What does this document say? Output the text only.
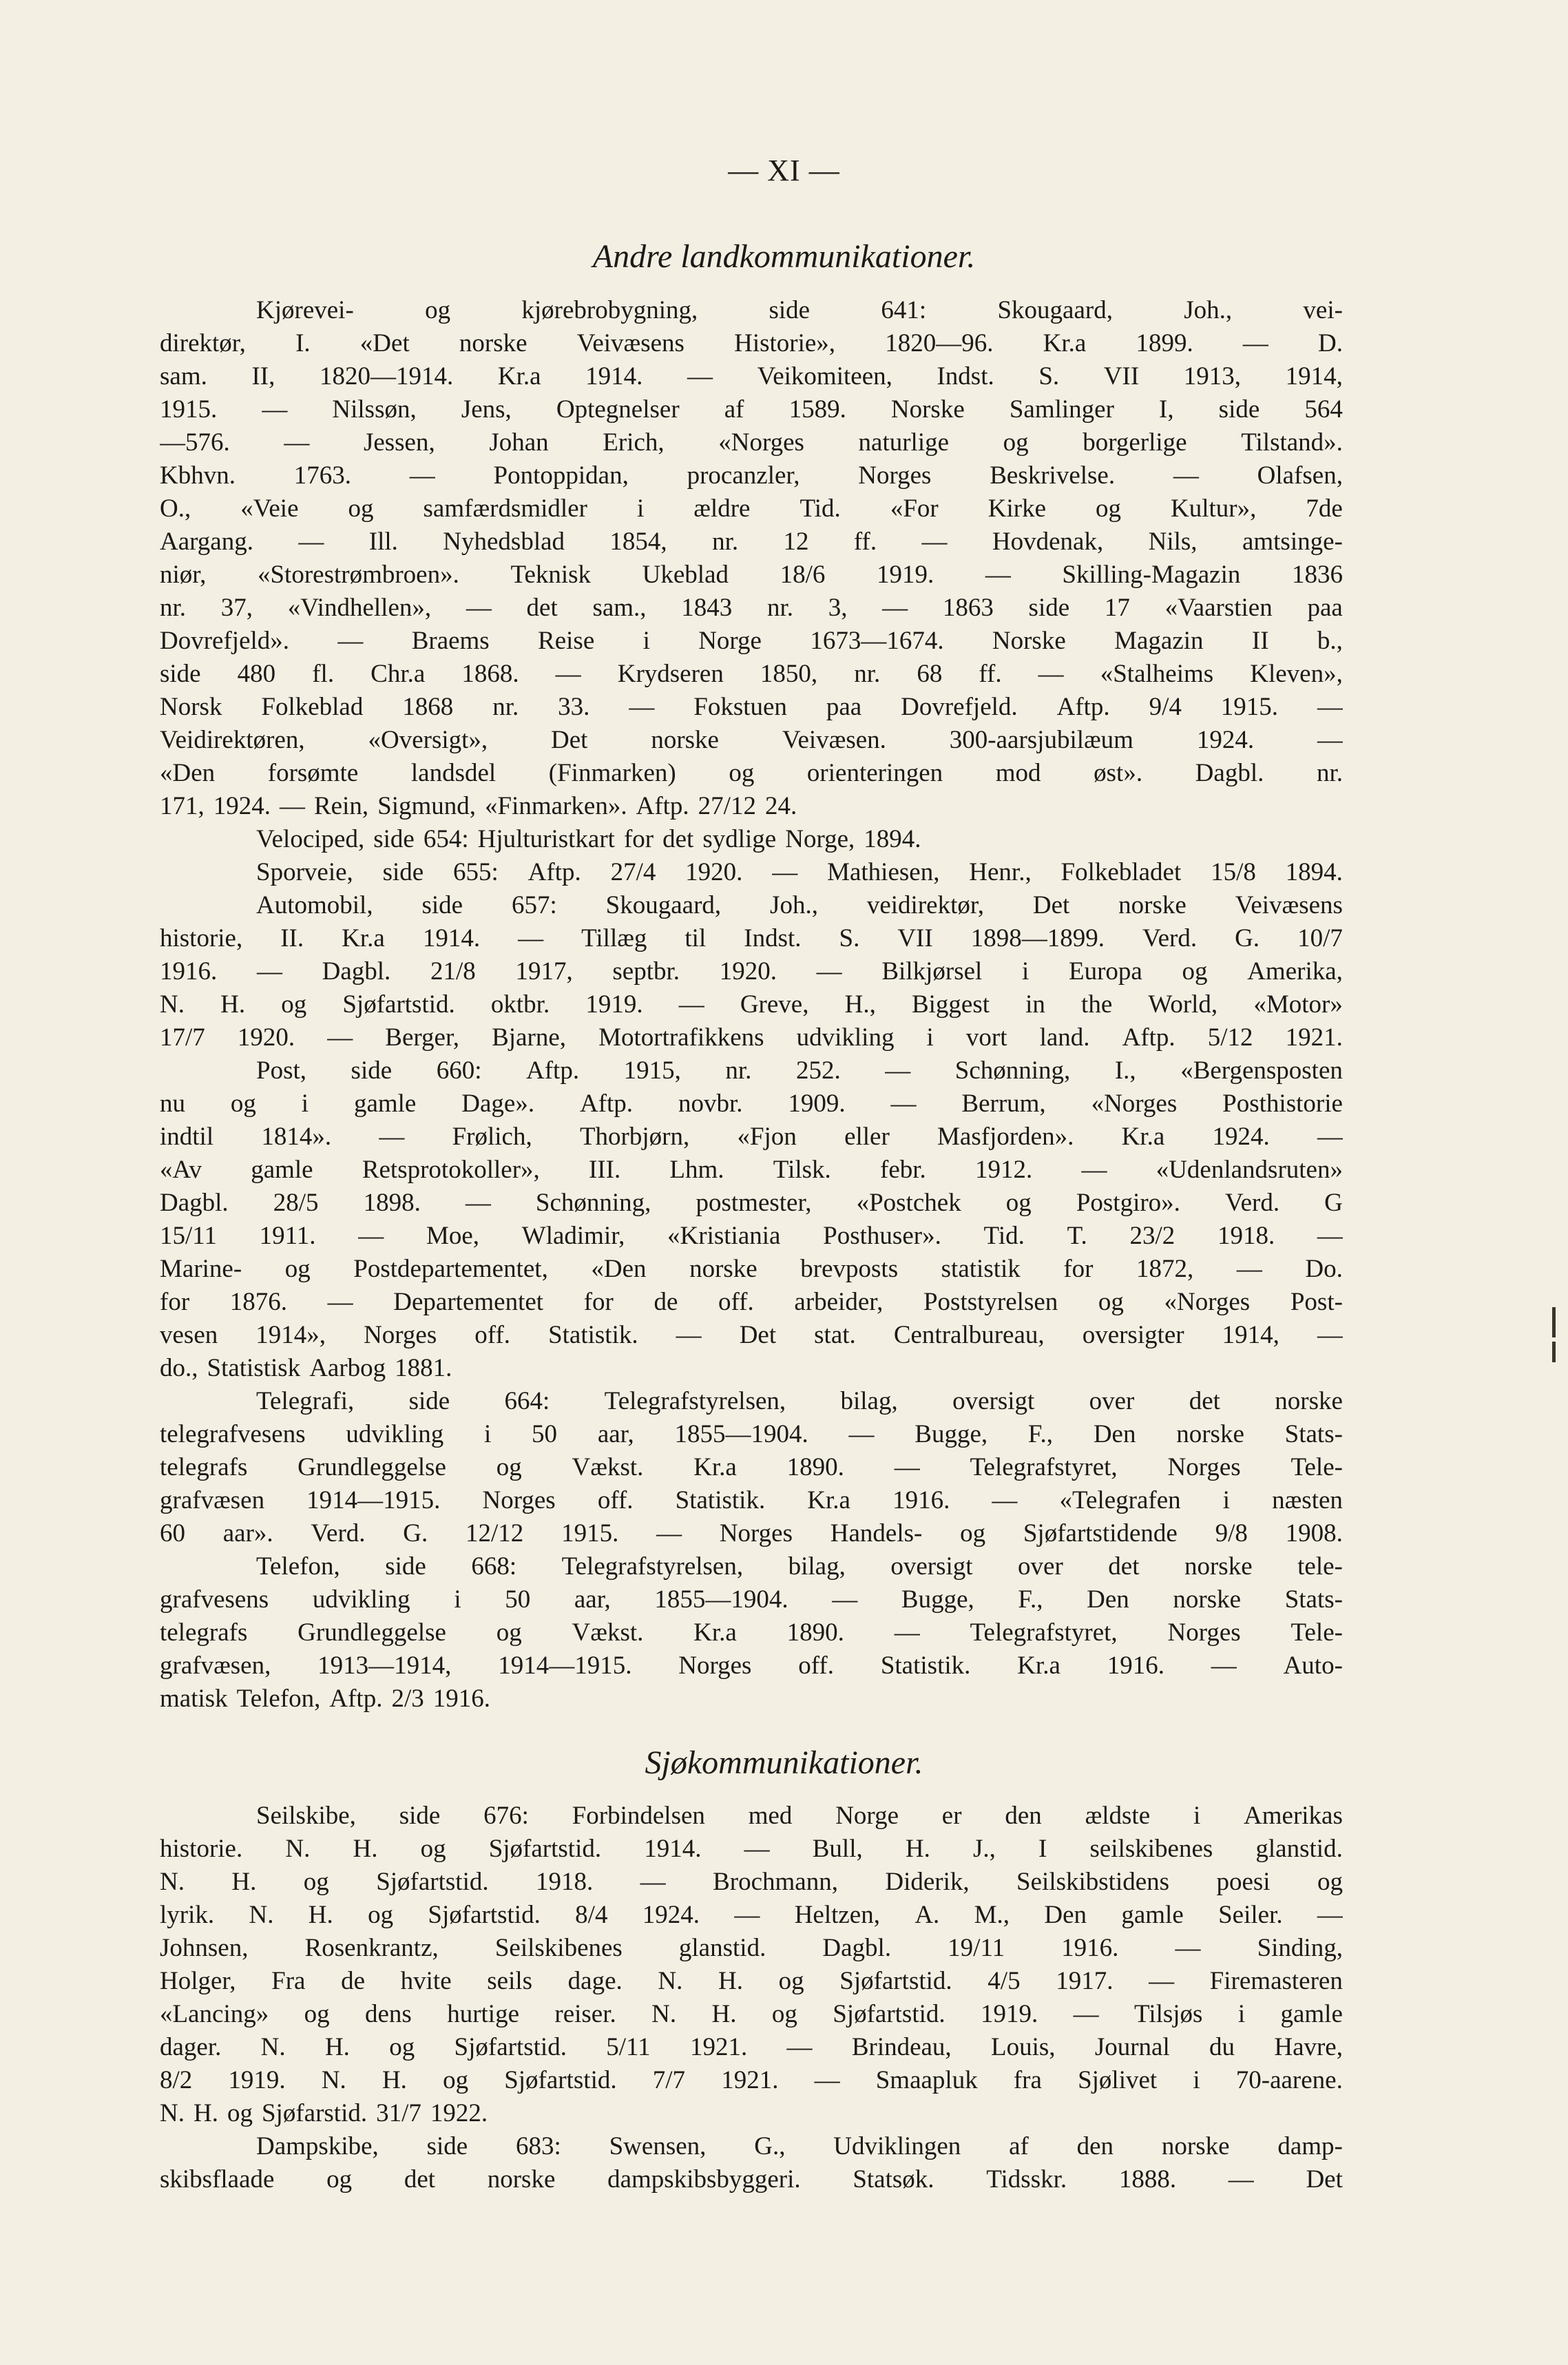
— XI —
Andre landkommunikationer.
Kjørevei-	og	kjørebrobygning,	side	641:	Skougaard,	Joh.,	vei-
direktør, I. «Det norske Veivæsens Historie», 1820—96. Kr.a 1899. — D.
sam. II, 1820—1914. Kr.a 1914. — Veikomiteen, Indst. S. VII 1913, 1914,
1915. — Nilssøn, Jens, Optegnelser af 1589. Norske Samlinger I, side 564
—576. — Jessen, Johan Erich, «Norges naturlige og borgerlige Tilstand».
Kbhvn. 1763. — Pontoppidan, procanzler, Norges Beskrivelse. — Olafsen,
O., «Veie og samfærdsmidler i ældre Tid. «For Kirke og Kultur», 7de
Aargang. — Ill. Nyhedsblad 1854, nr. 12 ff. — Hovdenak, Nils, amtsinge-
niør, «Storestrømbroen». Teknisk Ukeblad 18/6 1919. — Skilling-Magazin 1836
nr. 37, «Vindhellen», — det sam., 1843 nr. 3, — 1863 side 17 «Vaarstien paa
Dovrefjeld». — Braems Reise i Norge 1673—1674. Norske Magazin II b.,
side 480 fl. Chr.a 1868. — Krydseren 1850, nr. 68 ff. — «Stalheims Kleven»,
Norsk Folkeblad 1868 nr. 33. — Fokstuen paa Dovrefjeld. Aftp. 9/4 1915. —
Veidirektøren, «Oversigt», Det norske Veivæsen. 300-aarsjubilæum 1924. —
«Den forsømte landsdel (Finmarken) og orienteringen mod øst». Dagbl. nr.
171, 1924. — Rein, Sigmund, «Finmarken». Aftp. 27/12 24.
Velociped, side 654: Hjulturistkart for det sydlige Norge, 1894.
Sporveie, side 655: Aftp. 27/4 1920. — Mathiesen, Henr., Folkebladet 15/8 1894.
Automobil, side 657: Skougaard, Joh., veidirektør, Det norske Veivæsens
historie, II. Kr.a 1914. — Tillæg til Indst. S. VII 1898—1899. Verd. G. 10/7
1916. — Dagbl. 21/8 1917, septbr. 1920. — Bilkjørsel i Europa og Amerika,
N. H. og Sjøfartstid. oktbr. 1919. — Greve, H., Biggest in the World, «Motor»
17/7 1920. — Berger, Bjarne, Motortrafikkens udvikling i vort land. Aftp. 5/12 1921.
Post, side 660: Aftp. 1915, nr. 252. — Schønning, I., «Bergensposten
nu og i gamle Dage». Aftp. novbr. 1909. — Berrum, «Norges Posthistorie
indtil 1814». — Frølich, Thorbjørn, «Fjon eller Masfjorden». Kr.a 1924. —
«Av gamle Retsprotokoller», III. Lhm. Tilsk. febr. 1912. — «Udenlandsruten»
Dagbl. 28/5 1898. — Schønning, postmester, «Postchek og Postgiro». Verd. G
15/11 1911. — Moe, Wladimir, «Kristiania Posthuser». Tid. T. 23/2 1918. —
Marine- og Postdepartementet, «Den norske brevposts statistik for 1872, — Do.
for 1876. — Departementet for de off. arbeider, Poststyrelsen og «Norges Post-
vesen 1914», Norges off. Statistik. — Det stat. Centralbureau, oversigter 1914, —
do., Statistisk Aarbog 1881.
Telegrafi, side 664: Telegrafstyrelsen, bilag, oversigt over det norske
telegrafvesens udvikling i 50 aar, 1855—1904. — Bugge, F., Den norske Stats-
telegrafs Grundleggelse og Vækst. Kr.a 1890. — Telegrafstyret, Norges Tele-
grafvæsen 1914—1915. Norges off. Statistik. Kr.a 1916. — «Telegrafen i næsten
60 aar». Verd. G. 12/12 1915. — Norges Handels- og Sjøfartstidende 9/8 1908.
Telefon, side 668: Telegrafstyrelsen, bilag, oversigt over det norske tele-
grafvesens udvikling i 50 aar, 1855—1904. — Bugge, F., Den norske Stats-
telegrafs Grundleggelse og Vækst. Kr.a 1890. — Telegrafstyret, Norges Tele-
grafvæsen, 1913—1914, 1914—1915. Norges off. Statistik. Kr.a 1916. — Auto-
matisk Telefon, Aftp. 2/3 1916.
Sjøkommunikationer.
Seilskibe, side 676: Forbindelsen med Norge er den ældste i Amerikas
historie. N. H. og Sjøfartstid. 1914. — Bull, H. J., I seilskibenes glanstid.
N. H. og Sjøfartstid. 1918. — Brochmann, Diderik, Seilskibstidens poesi og
lyrik. N. H. og Sjøfartstid. 8/4 1924. — Heltzen, A. M., Den gamle Seiler. —
Johnsen, Rosenkrantz, Seilskibenes glanstid. Dagbl. 19/11 1916. — Sinding,
Holger, Fra de hvite seils dage. N. H. og Sjøfartstid. 4/5 1917. — Firemasteren
«Lancing» og dens hurtige reiser. N. H. og Sjøfartstid. 1919. — Tilsjøs i gamle
dager. N. H. og Sjøfartstid. 5/11 1921. — Brindeau, Louis, Journal du Havre,
8/2 1919. N. H. og Sjøfartstid. 7/7 1921. — Smaapluk fra Sjølivet i 70-aarene.
N. H. og Sjøfarstid. 31/7 1922.
Dampskibe, side 683: Swensen, G., Udviklingen af den norske damp-
skibsflaade og det norske dampskibsbyggeri. Statsøk. Tidsskr. 1888. — Det
